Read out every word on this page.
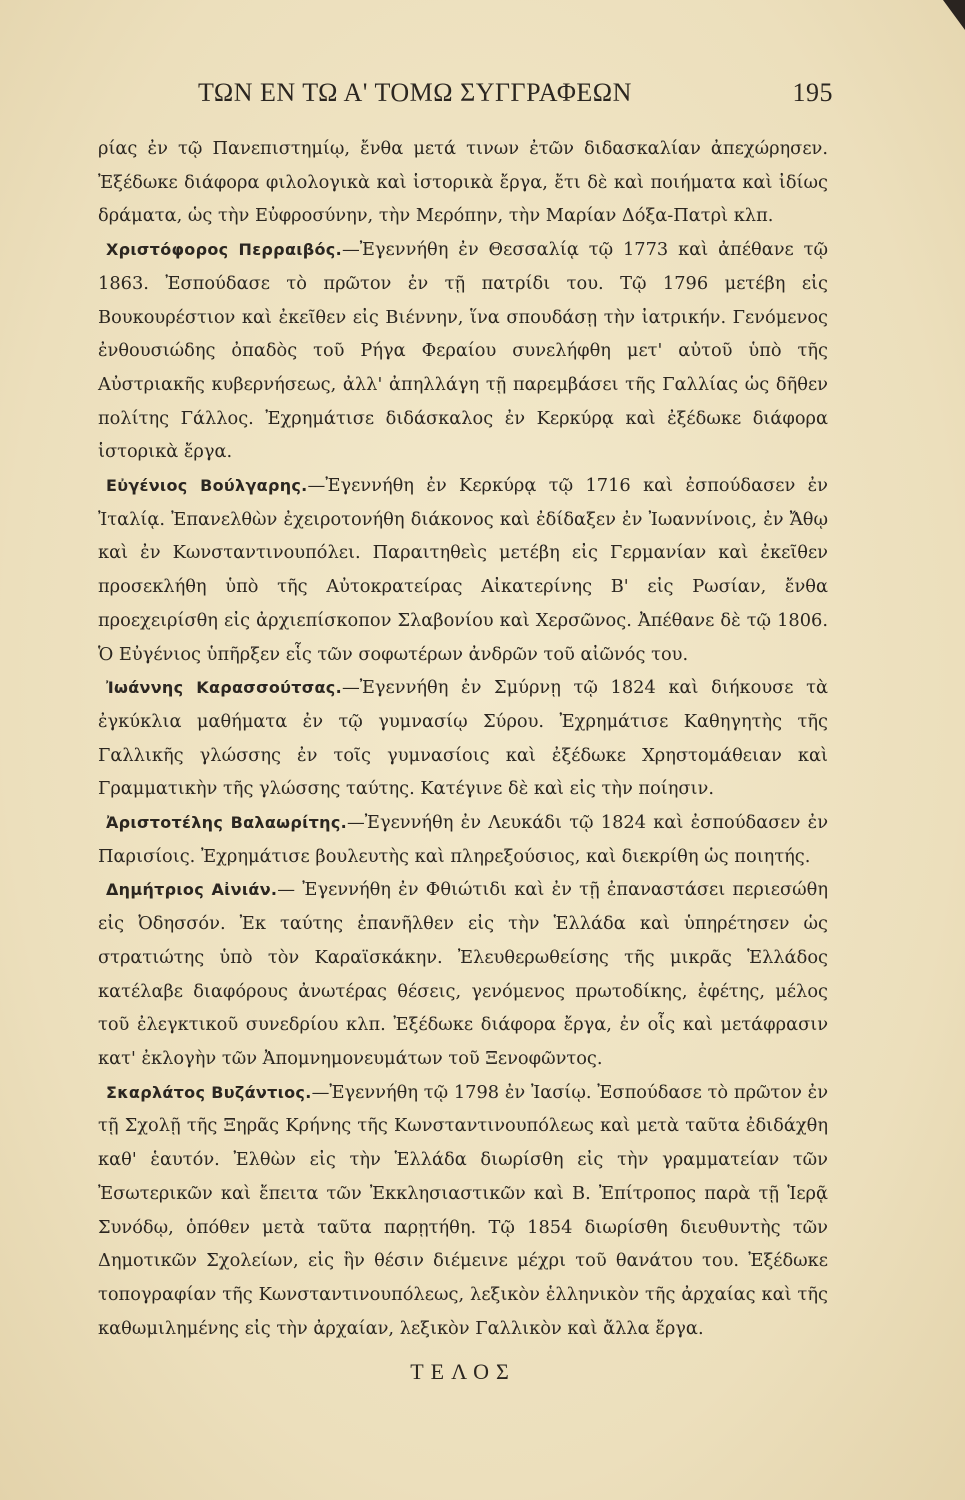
ΤΩΝ ΕΝ ΤΩ Α' ΤΟΜΩ ΣΥΓΓΡΑΦΕΩΝ	195

ρίας ἐν τῷ Πανεπιστημίῳ, ἔνθα μετά τινων ἐτῶν διδασκαλίαν ἀπεχώρησεν. Ἐξέδωκε διάφορα φιλολογικὰ καὶ ἱστορικὰ ἔργα, ἔτι δὲ καὶ ποιήματα καὶ ἰδίως δράματα, ὡς τὴν Εὐφροσύνην, τὴν Μερόπην, τὴν Μαρίαν Δόξα-Πατρὶ κλπ.

Χριστόφορος Περραιβός.—Ἐγεννήθη ἐν Θεσσαλίᾳ τῷ 1773 καὶ ἀπέθανε τῷ 1863. Ἐσπούδασε τὸ πρῶτον ἐν τῇ πατρίδι του. Τῷ 1796 μετέβη εἰς Βουκουρέστιον καὶ ἐκεῖθεν εἰς Βιέννην, ἵνα σπουδάσῃ τὴν ἰατρικήν. Γενόμενος ἐνθουσιώδης ὀπαδὸς τοῦ Ρήγα Φεραίου συνελήφθη μετ' αὐτοῦ ὑπὸ τῆς Αὐστριακῆς κυβερνήσεως, ἀλλ' ἀπηλλάγη τῇ παρεμβάσει τῆς Γαλλίας ὡς δῆθεν πολίτης Γάλλος. Ἐχρημάτισε διδάσκαλος ἐν Κερκύρᾳ καὶ ἐξέδωκε διάφορα ἱστορικὰ ἔργα.

Εὐγένιος Βούλγαρης.—Ἐγεννήθη ἐν Κερκύρᾳ τῷ 1716 καὶ ἐσπούδασεν ἐν Ἰταλίᾳ. Ἐπανελθὼν ἐχειροτονήθη διάκονος καὶ ἐδίδαξεν ἐν Ἰωαννίνοις, ἐν Ἄθῳ καὶ ἐν Κωνσταντινουπόλει. Παραιτηθεὶς μετέβη εἰς Γερμανίαν καὶ ἐκεῖθεν προσεκλήθη ὑπὸ τῆς Αὐτοκρατείρας Αἰκατερίνης Β' εἰς Ρωσίαν, ἔνθα προεχειρίσθη εἰς ἀρχιεπίσκοπον Σλαβονίου καὶ Χερσῶνος. Ἀπέθανε δὲ τῷ 1806. Ὁ Εὐγένιος ὑπῆρξεν εἷς τῶν σοφωτέρων ἀνδρῶν τοῦ αἰῶνός του.

Ἰωάννης Καρασσούτσας.—Ἐγεννήθη ἐν Σμύρνῃ τῷ 1824 καὶ διήκουσε τὰ ἐγκύκλια μαθήματα ἐν τῷ γυμνασίῳ Σύρου. Ἐχρημάτισε Καθηγητὴς τῆς Γαλλικῆς γλώσσης ἐν τοῖς γυμνασίοις καὶ ἐξέδωκε Χρηστομάθειαν καὶ Γραμματικὴν τῆς γλώσσης ταύτης. Κατέγινε δὲ καὶ εἰς τὴν ποίησιν.

Ἀριστοτέλης Βαλαωρίτης.—Ἐγεννήθη ἐν Λευκάδι τῷ 1824 καὶ ἐσπούδασεν ἐν Παρισίοις. Ἐχρημάτισε βουλευτὴς καὶ πληρεξούσιος, καὶ διεκρίθη ὡς ποιητής.

Δημήτριος Αἰνιάν.— Ἐγεννήθη ἐν Φθιώτιδι καὶ ἐν τῇ ἐπαναστάσει περιεσώθη εἰς Ὀδησσόν. Ἐκ ταύτης ἐπανῆλθεν εἰς τὴν Ἑλλάδα καὶ ὑπηρέτησεν ὡς στρατιώτης ὑπὸ τὸν Καραϊσκάκην. Ἐλευθερωθείσης τῆς μικρᾶς Ἑλλάδος κατέλαβε διαφόρους ἀνωτέρας θέσεις, γενόμενος πρωτοδίκης, ἐφέτης, μέλος τοῦ ἐλεγκτικοῦ συνεδρίου κλπ. Ἐξέδωκε διάφορα ἔργα, ἐν οἷς καὶ μετάφρασιν κατ' ἐκλογὴν τῶν Ἀπομνημονευμάτων τοῦ Ξενοφῶντος.

Σκαρλάτος Βυζάντιος.—Ἐγεννήθη τῷ 1798 ἐν Ἰασίῳ. Ἐσπούδασε τὸ πρῶτον ἐν τῇ Σχολῇ τῆς Ξηρᾶς Κρήνης τῆς Κωνσταντινουπόλεως καὶ μετὰ ταῦτα ἐδιδάχθη καθ' ἑαυτόν. Ἐλθὼν εἰς τὴν Ἑλλάδα διωρίσθη εἰς τὴν γραμματείαν τῶν Ἐσωτερικῶν καὶ ἔπειτα τῶν Ἐκκλησιαστικῶν καὶ Β. Ἐπίτροπος παρὰ τῇ Ἱερᾷ Συνόδῳ, ὁπόθεν μετὰ ταῦτα παρῃτήθη. Τῷ 1854 διωρίσθη διευθυντὴς τῶν Δημοτικῶν Σχολείων, εἰς ἣν θέσιν διέμεινε μέχρι τοῦ θανάτου του. Ἐξέδωκε τοπογραφίαν τῆς Κωνσταντινουπόλεως, λεξικὸν ἑλληνικὸν τῆς ἀρχαίας καὶ τῆς καθωμιλημένης εἰς τὴν ἀρχαίαν, λεξικὸν Γαλλικὸν καὶ ἄλλα ἔργα.

ΤΕΛΟΣ
